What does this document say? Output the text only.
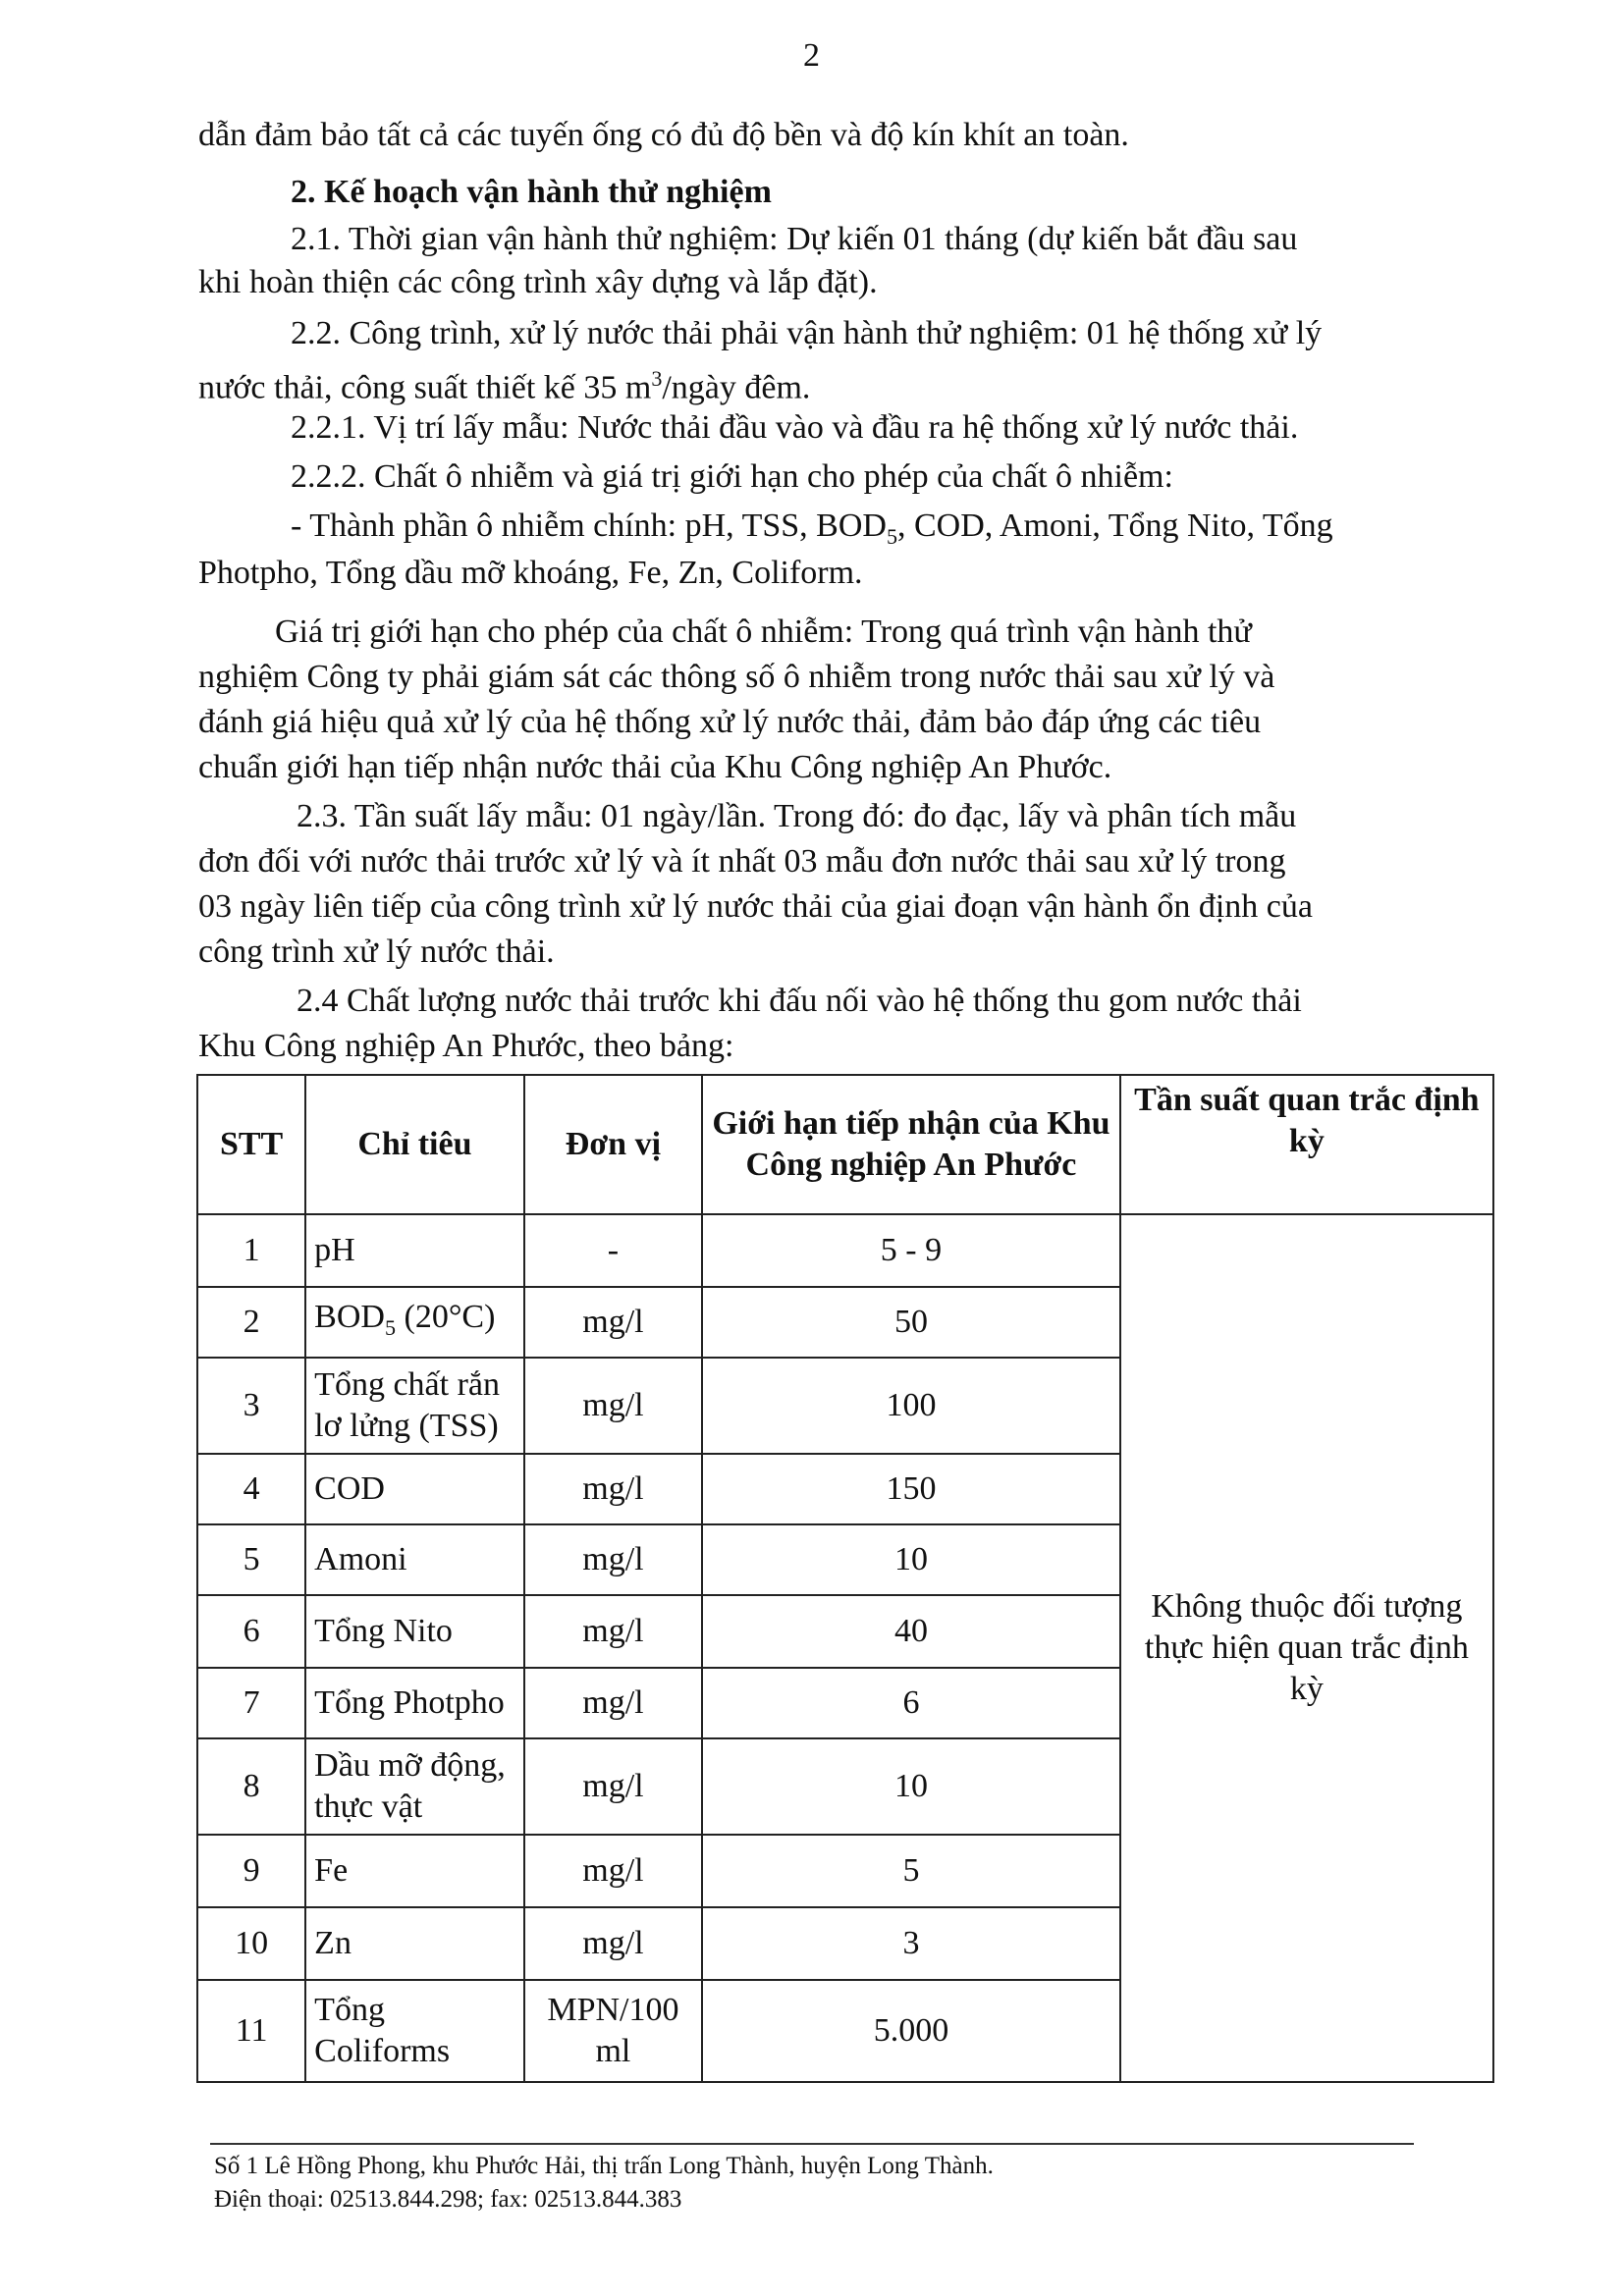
2
dẫn đảm bảo tất cả các tuyến ống có đủ độ bền và độ kín khít an toàn.
2. Kế hoạch vận hành thử nghiệm
2.1. Thời gian vận hành thử nghiệm: Dự kiến 01 tháng (dự kiến bắt đầu sau
khi hoàn thiện các công trình xây dựng và lắp đặt).
2.2. Công trình, xử lý nước thải phải vận hành thử nghiệm: 01 hệ thống xử lý
nước thải, công suất thiết kế 35 $m^3$/ngày đêm.
2.2.1. Vị trí lấy mẫu: Nước thải đầu vào và đầu ra hệ thống xử lý nước thải.
2.2.2. Chất ô nhiễm và giá trị giới hạn cho phép của chất ô nhiễm:
- Thành phần ô nhiễm chính: pH, TSS, $BOD_5$, COD, Amoni, Tổng Nito, Tổng
Photpho, Tổng dầu mỡ khoáng, Fe, Zn, Coliform.
Giá trị giới hạn cho phép của chất ô nhiễm: Trong quá trình vận hành thử
nghiệm Công ty phải giám sát các thông số ô nhiễm trong nước thải sau xử lý và
đánh giá hiệu quả xử lý của hệ thống xử lý nước thải, đảm bảo đáp ứng các tiêu
chuẩn giới hạn tiếp nhận nước thải của Khu Công nghiệp An Phước.
2.3. Tần suất lấy mẫu: 01 ngày/lần. Trong đó: đo đạc, lấy và phân tích mẫu
đơn đối với nước thải trước xử lý và ít nhất 03 mẫu đơn nước thải sau xử lý trong
03 ngày liên tiếp của công trình xử lý nước thải của giai đoạn vận hành ổn định của
công trình xử lý nước thải.
2.4 Chất lượng nước thải trước khi đấu nối vào hệ thống thu gom nước thải
Khu Công nghiệp An Phước, theo bảng:
STT	Chỉ tiêu	Đơn vị	Giới hạn tiếp nhận của Khu Công nghiệp An Phước	Tần suất quan trắc định kỳ
1	pH	-	5 - 9	Không thuộc đối tượng thực hiện quan trắc định kỳ
2	$BOD_5$ (20°C)	mg/l	50	
3	Tổng chất rắn lơ lửng (TSS)	mg/l	100	
4	COD	mg/l	150	
5	Amoni	mg/l	10	
6	Tổng Nito	mg/l	40	
7	Tổng Photpho	mg/l	6	
8	Dầu mỡ động, thực vật	mg/l	10	
9	Fe	mg/l	5	
10	Zn	mg/l	3	
11	Tổng Coliforms	MPN/100 ml	5.000	
Số 1 Lê Hồng Phong, khu Phước Hải, thị trấn Long Thành, huyện Long Thành.
Điện thoại: 02513.844.298; fax: 02513.844.383
